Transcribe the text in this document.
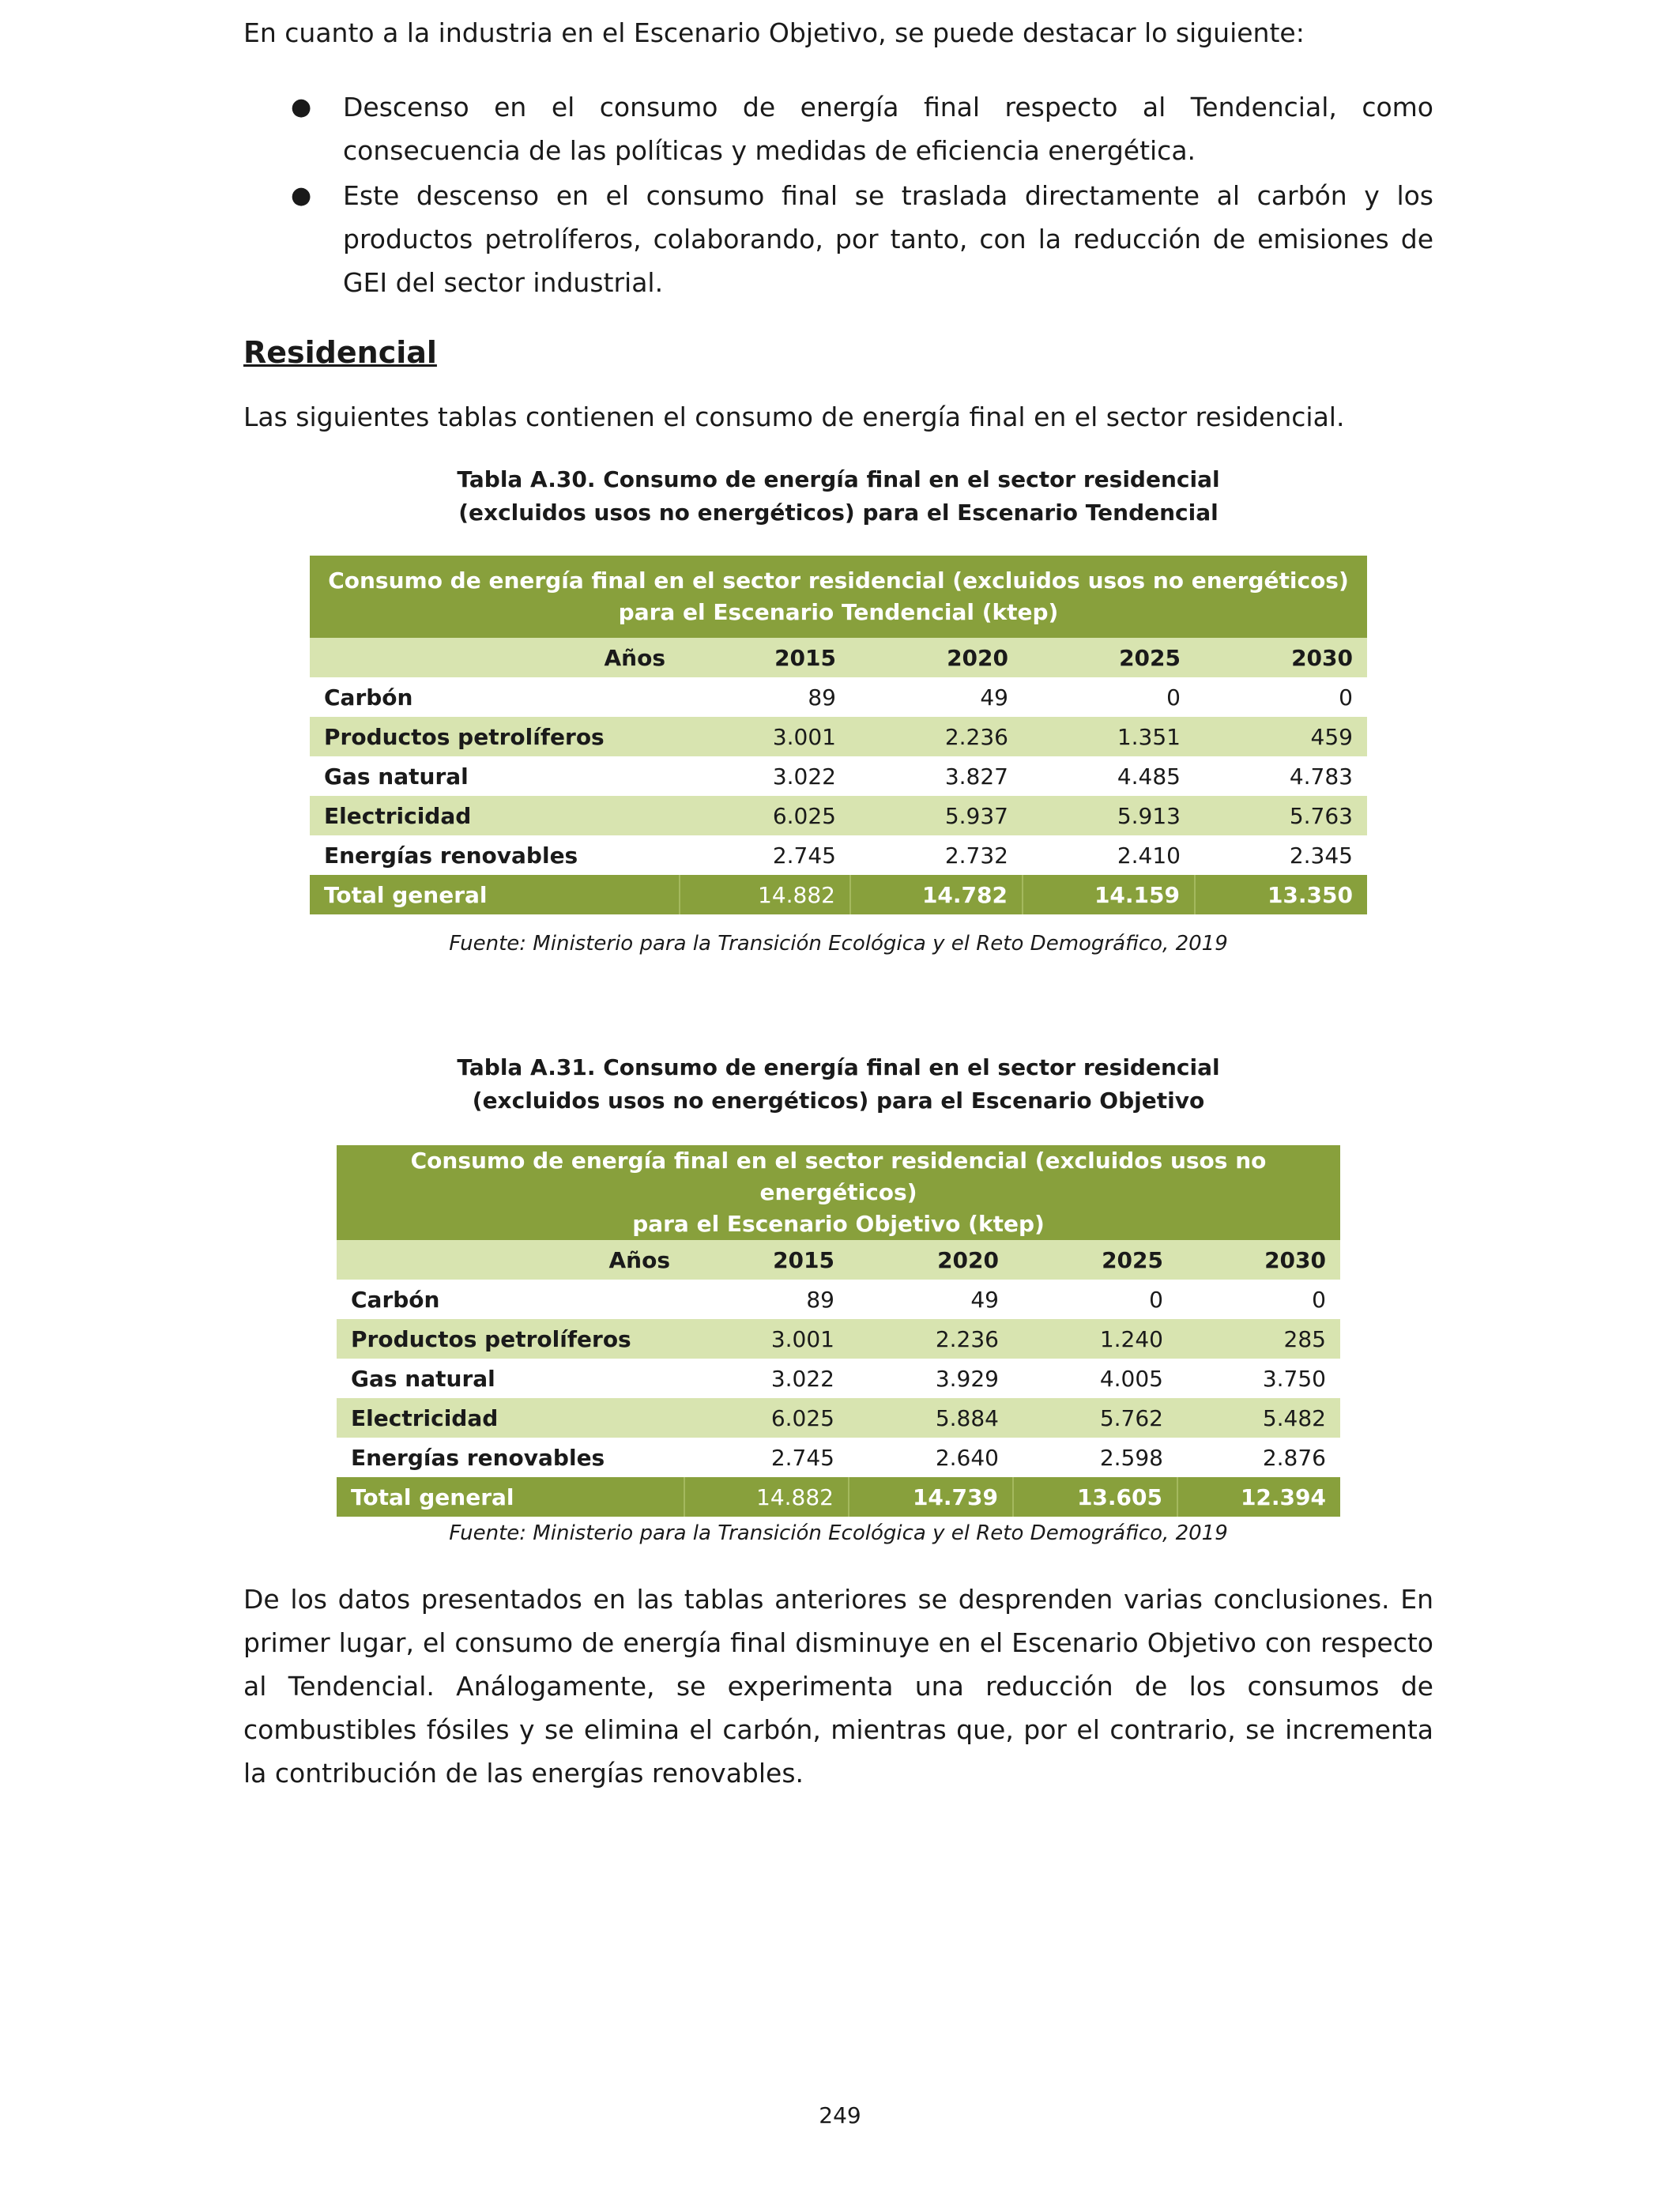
En cuanto a la industria en el Escenario Objetivo, se puede destacar lo siguiente:

● Descenso en el consumo de energía final respecto al Tendencial, como consecuencia de las políticas y medidas de eficiencia energética.
● Este descenso en el consumo final se traslada directamente al carbón y los productos petrolíferos, colaborando, por tanto, con la reducción de emisiones de GEI del sector industrial.
Residencial

Las siguientes tablas contienen el consumo de energía final en el sector residencial.

Tabla A.30. Consumo de energía final en el sector residencial
(excluidos usos no energéticos) para el Escenario Tendencial

Consumo de energía final en el sector residencial (excluidos usos no energéticos)
para el Escenario Tendencial (ktep)				
Años	2015	2020	2025	2030
Carbón	89	49	0	0
Productos petrolíferos	3.001	2.236	1.351	459
Gas natural	3.022	3.827	4.485	4.783
Electricidad	6.025	5.937	5.913	5.763
Energías renovables	2.745	2.732	2.410	2.345
Total general	14.882	14.782	14.159	13.350

Fuente: Ministerio para la Transición Ecológica y el Reto Demográfico, 2019

Tabla A.31. Consumo de energía final en el sector residencial
(excluidos usos no energéticos) para el Escenario Objetivo

Consumo de energía final en el sector residencial (excluidos usos no energéticos)
para el Escenario Objetivo (ktep)				
Años	2015	2020	2025	2030
Carbón	89	49	0	0
Productos petrolíferos	3.001	2.236	1.240	285
Gas natural	3.022	3.929	4.005	3.750
Electricidad	6.025	5.884	5.762	5.482
Energías renovables	2.745	2.640	2.598	2.876
Total general	14.882	14.739	13.605	12.394

Fuente: Ministerio para la Transición Ecológica y el Reto Demográfico, 2019

De los datos presentados en las tablas anteriores se desprenden varias conclusiones. En primer lugar, el consumo de energía final disminuye en el Escenario Objetivo con respecto al Tendencial. Análogamente, se experimenta una reducción de los consumos de combustibles fósiles y se elimina el carbón, mientras que, por el contrario, se incrementa la contribución de las energías renovables.

249
